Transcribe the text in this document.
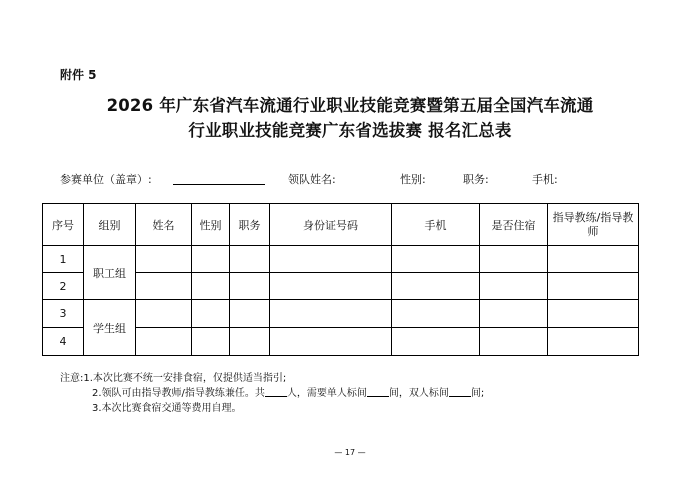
附件 5
2026 年广东省汽车流通行业职业技能竞赛暨第五届全国汽车流通
行业职业技能竞赛广东省选拔赛 报名汇总表
参赛单位（盖章）:	领队姓名:	性别:	职务:	手机:
序号	组别	姓名	性别	职务	身份证号码	手机	是否住宿	指导教练/指导教师
1	职工组							
2								
3	学生组							
4								
注意:1.本次比赛不统一安排食宿，仅提供适当指引;
2.领队可由指导教师/指导教练兼任。共 人，需要单人标间 间，双人标间 间;
3.本次比赛食宿交通等费用自理。
— 17 —
